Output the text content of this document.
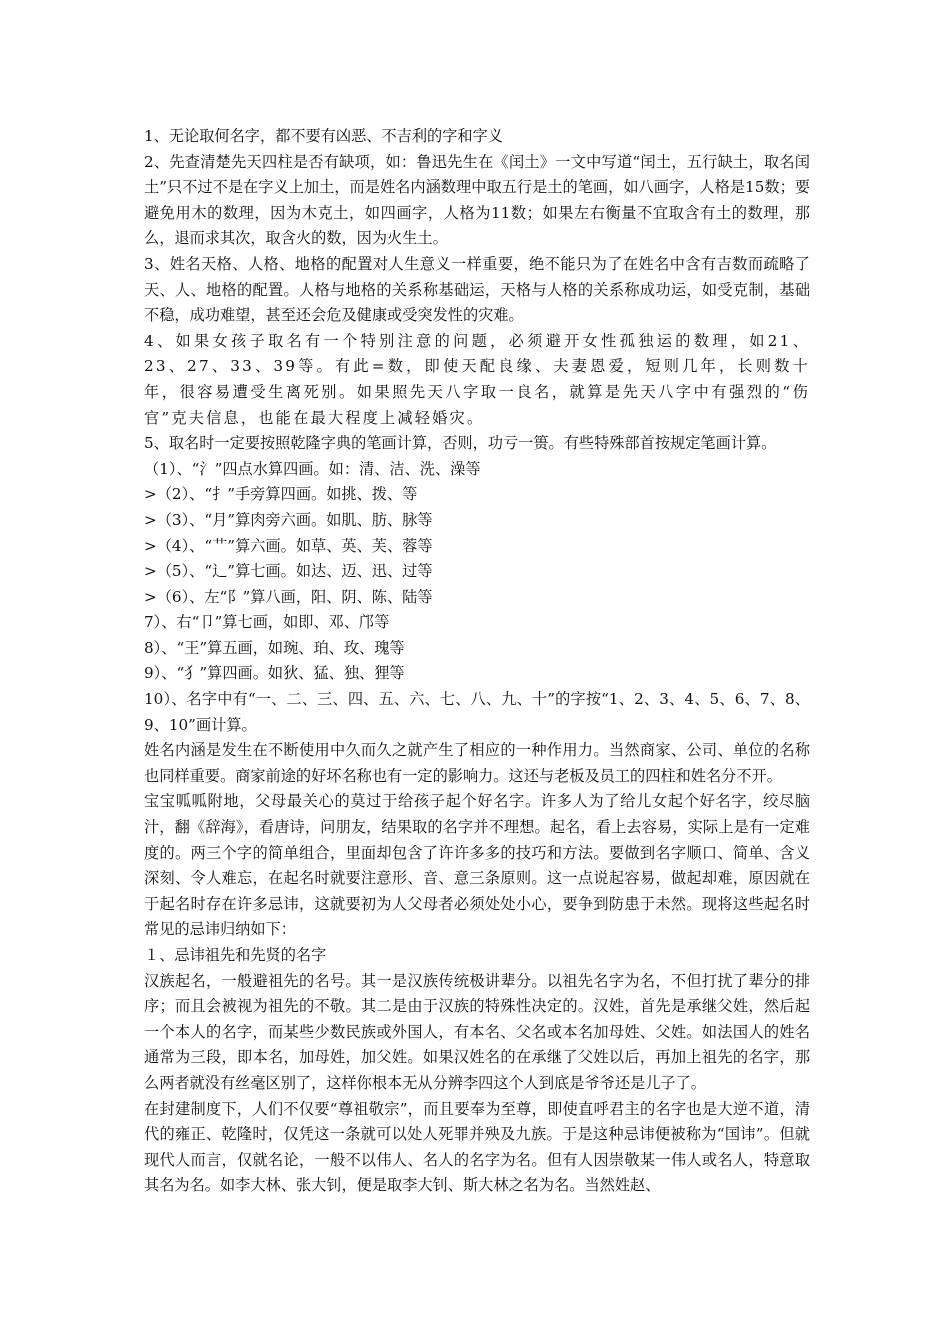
1、无论取何名字，都不要有凶恶、不吉利的字和字义

2、先查清楚先天四柱是否有缺项，如：鲁迅先生在《闰土》一文中写道“闰土，五行缺土，取名闰土”只不过不是在字义上加土，而是姓名内涵数理中取五行是土的笔画，如八画字，人格是15数；要避免用木的数理，因为木克土，如四画字，人格为11数；如果左右衡量不宜取含有土的数理，那么，退而求其次，取含火的数，因为火生土。

3、姓名天格、人格、地格的配置对人生意义一样重要，绝不能只为了在姓名中含有吉数而疏略了天、人、地格的配置。人格与地格的关系称基础运，天格与人格的关系称成功运，如受克制，基础不稳，成功难望，甚至还会危及健康或受突发性的灾难。

4、如果女孩子取名有一个特别注意的问题，必须避开女性孤独运的数理，如21、23、27、33、39等。有此=数，即使天配良缘、夫妻恩爱，短则几年，长则数十年，很容易遭受生离死别。如果照先天八字取一良名，就算是先天八字中有强烈的“伤官”克夫信息，也能在最大程度上减轻婚灾。

5、取名时一定要按照乾隆字典的笔画计算，否则，功亏一篑。有些特殊部首按规定笔画计算。

（1）、“氵”四点水算四画。如：清、洁、洗、澡等

>（2）、“扌”手旁算四画。如挑、拨、等

>（3）、“月”算肉旁六画。如肌、肪、脉等

>（4）、“艹”算六画。如草、英、芙、蓉等

>（5）、“辶”算七画。如达、迈、迅、过等

>（6）、左“阝”算八画，阳、阴、陈、陆等

7）、右“卩”算七画，如即、邓、邝等

8）、“王”算五画，如琬、珀、玫、瑰等

9）、“犭”算四画。如狄、猛、独、狸等

10）、名字中有“一、二、三、四、五、六、七、八、九、十”的字按“1、2、3、4、5、6、7、8、9、10”画计算。

姓名内涵是发生在不断使用中久而久之就产生了相应的一种作用力。当然商家、公司、单位的名称也同样重要。商家前途的好坏名称也有一定的影响力。这还与老板及员工的四柱和姓名分不开。

宝宝呱呱附地，父母最关心的莫过于给孩子起个好名字。许多人为了给儿女起个好名字，绞尽脑汁，翻《辞海》，看唐诗，问朋友，结果取的名字并不理想。起名，看上去容易，实际上是有一定难度的。两三个字的简单组合，里面却包含了许许多多的技巧和方法。要做到名字顺口、简单、含义深刻、令人难忘，在起名时就要注意形、音、意三条原则。这一点说起容易，做起却难，原因就在于起名时存在许多忌讳，这就要初为人父母者必须处处小心，要争到防患于未然。现将这些起名时常见的忌讳归纳如下：

１、忌讳祖先和先贤的名字

汉族起名，一般避祖先的名号。其一是汉族传统极讲辈分。以祖先名字为名，不但打扰了辈分的排序；而且会被视为祖先的不敬。其二是由于汉族的特殊性决定的。汉姓，首先是承继父姓，然后起一个本人的名字，而某些少数民族或外国人，有本名、父名或本名加母姓、父姓。如法国人的姓名通常为三段，即本名，加母姓，加父姓。如果汉姓名的在承继了父姓以后，再加上祖先的名字，那么两者就没有丝毫区别了，这样你根本无从分辨李四这个人到底是爷爷还是儿子了。

在封建制度下，人们不仅要“尊祖敬宗”，而且要奉为至尊，即使直呼君主的名字也是大逆不道，清代的雍正、乾隆时，仅凭这一条就可以处人死罪并殃及九族。于是这种忌讳便被称为“国讳”。但就现代人而言，仅就名论，一般不以伟人、名人的名字为名。但有人因崇敬某一伟人或名人，特意取其名为名。如李大林、张大钊，便是取李大钊、斯大林之名为名。当然姓赵、
